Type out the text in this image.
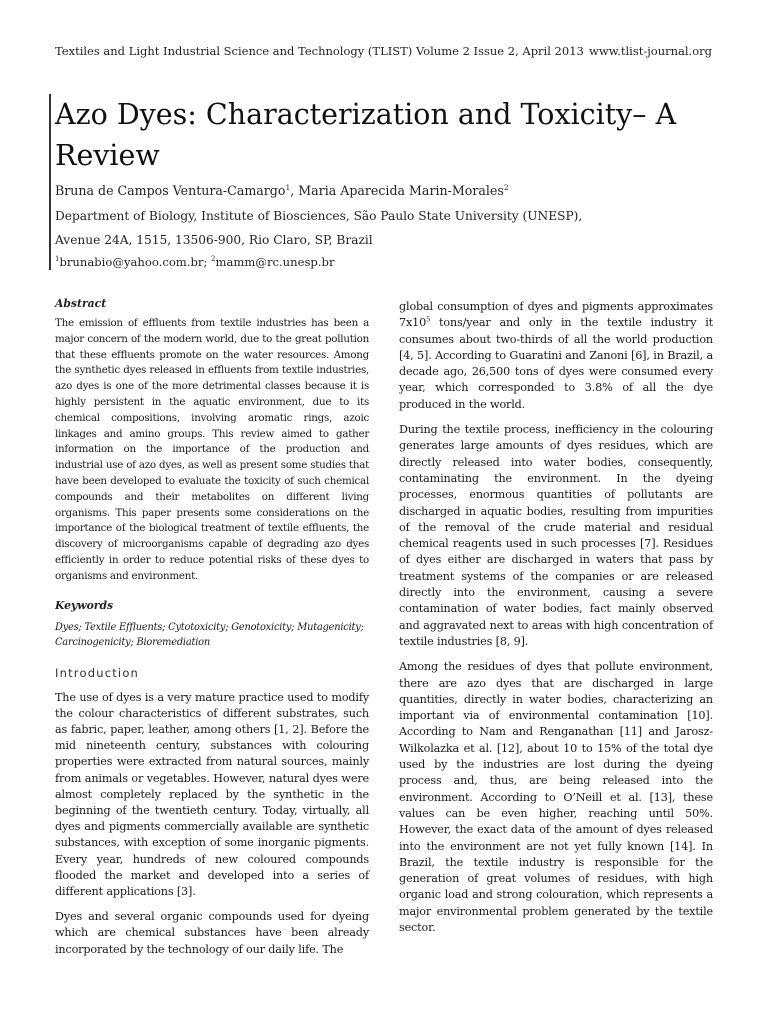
Textiles and Light Industrial Science and Technology (TLIST) Volume 2 Issue 2, April 2013 www.tlist-journal.org
Azo Dyes: Characterization and Toxicity– A Review
Bruna de Campos Ventura-Camargo$^1$, Maria Aparecida Marin-Morales$^2$
Department of Biology, Institute of Biosciences, São Paulo State University (UNESP),
Avenue 24A, 1515, 13506-900, Rio Claro, SP, Brazil
$^1$brunabio@yahoo.com.br; $^2$mamm@rc.unesp.br

Abstract

The emission of effluents from textile industries has been a major concern of the modern world, due to the great pollution that these effluents promote on the water resources. Among the synthetic dyes released in effluents from textile industries, azo dyes is one of the more detrimental classes because it is highly persistent in the aquatic environment, due to its chemical compositions, involving aromatic rings, azoic linkages and amino groups. This review aimed to gather information on the importance of the production and industrial use of azo dyes, as well as present some studies that have been developed to evaluate the toxicity of such chemical compounds and their metabolites on different living organisms. This paper presents some considerations on the importance of the biological treatment of textile effluents, the discovery of microorganisms capable of degrading azo dyes efficiently in order to reduce potential risks of these dyes to organisms and environment.

Keywords

Dyes; Textile Effluents; Cytotoxicity; Genotoxicity; Mutagenicity; Carcinogenicity; Bioremediation

Introduction

The use of dyes is a very mature practice used to modify the colour characteristics of different substrates, such as fabric, paper, leather, among others [1, 2]. Before the mid nineteenth century, substances with colouring properties were extracted from natural sources, mainly from animals or vegetables. However, natural dyes were almost completely replaced by the synthetic in the beginning of the twentieth century. Today, virtually, all dyes and pigments commercially available are synthetic substances, with exception of some inorganic pigments. Every year, hundreds of new coloured compounds flooded the market and developed into a series of different applications [3].

Dyes and several organic compounds used for dyeing which are chemical substances have been already incorporated by the technology of our daily life. The

global consumption of dyes and pigments approximates $7x10^5$ tons/year and only in the textile industry it consumes about two-thirds of all the world production [4, 5]. According to Guaratini and Zanoni [6], in Brazil, a decade ago, 26,500 tons of dyes were consumed every year, which corresponded to 3.8% of all the dye produced in the world.

During the textile process, inefficiency in the colouring generates large amounts of dyes residues, which are directly released into water bodies, consequently, contaminating the environment. In the dyeing processes, enormous quantities of pollutants are discharged in aquatic bodies, resulting from impurities of the removal of the crude material and residual chemical reagents used in such processes [7]. Residues of dyes either are discharged in waters that pass by treatment systems of the companies or are released directly into the environment, causing a severe contamination of water bodies, fact mainly observed and aggravated next to areas with high concentration of textile industries [8, 9].

Among the residues of dyes that pollute environment, there are azo dyes that are discharged in large quantities, directly in water bodies, characterizing an important via of environmental contamination [10]. According to Nam and Renganathan [11] and Jarosz-Wilkolazka et al. [12], about 10 to 15% of the total dye used by the industries are lost during the dyeing process and, thus, are being released into the environment. According to O’Neill et al. [13], these values can be even higher, reaching until 50%. However, the exact data of the amount of dyes released into the environment are not yet fully known [14]. In Brazil, the textile industry is responsible for the generation of great volumes of residues, with high organic load and strong colouration, which represents a major environmental problem generated by the textile sector.
